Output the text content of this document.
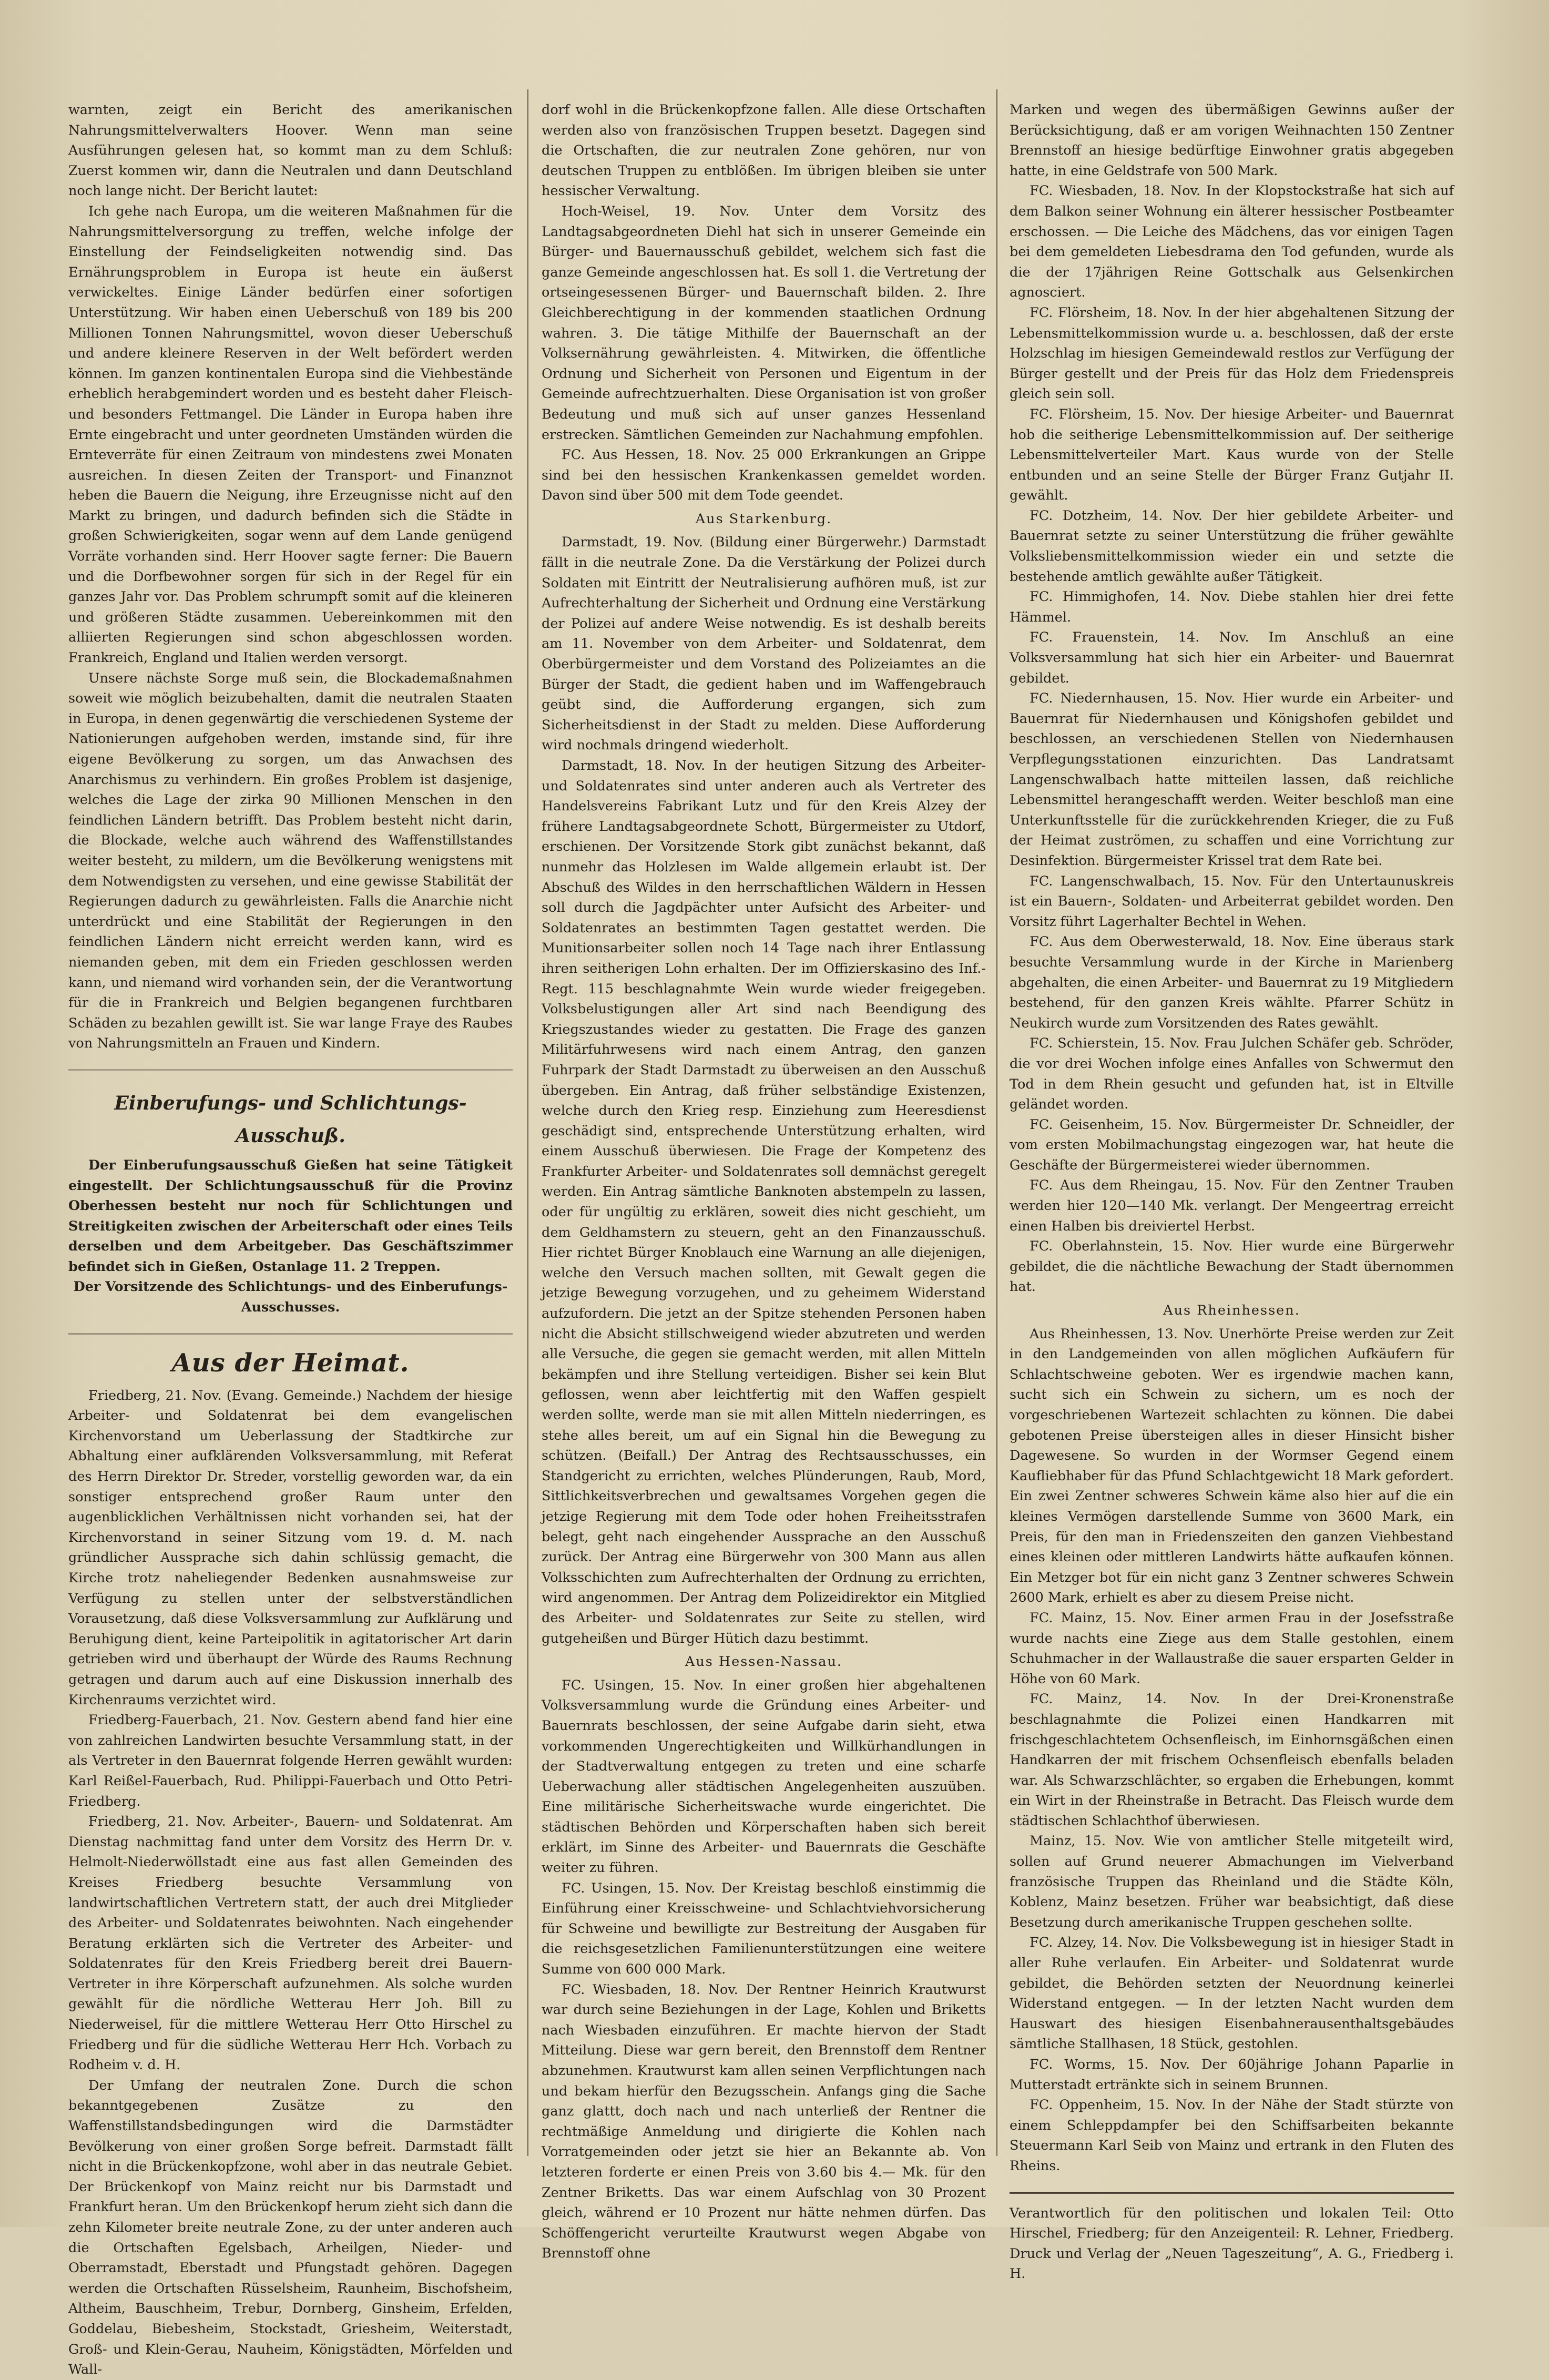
warnten, zeigt ein Bericht des amerikanischen Nahrungsmittelverwalters Hoover. Wenn man seine Ausführungen gelesen hat, so kommt man zu dem Schluß: Zuerst kommen wir, dann die Neutralen und dann Deutschland noch lange nicht. Der Bericht lautet:

Ich gehe nach Europa, um die weiteren Maßnahmen für die Nahrungsmittelversorgung zu treffen, welche infolge der Einstellung der Feindseligkeiten notwendig sind. Das Ernährungsproblem in Europa ist heute ein äußerst verwickeltes. Einige Länder bedürfen einer sofortigen Unterstützung. Wir haben einen Ueberschuß von 189 bis 200 Millionen Tonnen Nahrungsmittel, wovon dieser Ueberschuß und andere kleinere Reserven in der Welt befördert werden können. Im ganzen kontinentalen Europa sind die Viehbestände erheblich herabgemindert worden und es besteht daher Fleisch- und besonders Fettmangel. Die Länder in Europa haben ihre Ernte eingebracht und unter geordneten Umständen würden die Ernteverräte für einen Zeitraum von mindestens zwei Monaten ausreichen. In diesen Zeiten der Transport- und Finanznot heben die Bauern die Neigung, ihre Erzeugnisse nicht auf den Markt zu bringen, und dadurch befinden sich die Städte in großen Schwierigkeiten, sogar wenn auf dem Lande genügend Vorräte vorhanden sind. Herr Hoover sagte ferner: Die Bauern und die Dorfbewohner sorgen für sich in der Regel für ein ganzes Jahr vor. Das Problem schrumpft somit auf die kleineren und größeren Städte zusammen. Uebereinkommen mit den alliierten Regierungen sind schon abgeschlossen worden. Frankreich, England und Italien werden versorgt.

Unsere nächste Sorge muß sein, die Blockademaßnahmen soweit wie möglich beizubehalten, damit die neutralen Staaten in Europa, in denen gegenwärtig die verschiedenen Systeme der Nationierungen aufgehoben werden, imstande sind, für ihre eigene Bevölkerung zu sorgen, um das Anwachsen des Anarchismus zu verhindern. Ein großes Problem ist dasjenige, welches die Lage der zirka 90 Millionen Menschen in den feindlichen Ländern betrifft. Das Problem besteht nicht darin, die Blockade, welche auch während des Waffenstillstandes weiter besteht, zu mildern, um die Bevölkerung wenigstens mit dem Notwendigsten zu versehen, und eine gewisse Stabilität der Regierungen dadurch zu gewährleisten. Falls die Anarchie nicht unterdrückt und eine Stabilität der Regierungen in den feindlichen Ländern nicht erreicht werden kann, wird es niemanden geben, mit dem ein Frieden geschlossen werden kann, und niemand wird vorhanden sein, der die Verantwortung für die in Frankreich und Belgien begangenen furchtbaren Schäden zu bezahlen gewillt ist. Sie war lange Fraye des Raubes von Nahrungsmitteln an Frauen und Kindern.

Einberufungs- und Schlichtungs-Ausschuß.

Der Einberufungsausschuß Gießen hat seine Tätigkeit eingestellt. Der Schlichtungsausschuß für die Provinz Oberhessen besteht nur noch für Schlichtungen und Streitigkeiten zwischen der Arbeiterschaft oder eines Teils derselben und dem Arbeitgeber. Das Geschäftszimmer befindet sich in Gießen, Ostanlage 11. 2 Treppen.

Der Vorsitzende des Schlichtungs- und des Einberufungs-Ausschusses.

Aus der Heimat.

Friedberg, 21. Nov. (Evang. Gemeinde.) Nachdem der hiesige Arbeiter- und Soldatenrat bei dem evangelischen Kirchenvorstand um Ueberlassung der Stadtkirche zur Abhaltung einer aufklärenden Volksversammlung, mit Referat des Herrn Direktor Dr. Streder, vorstellig geworden war, da ein sonstiger entsprechend großer Raum unter den augenblicklichen Verhältnissen nicht vorhanden sei, hat der Kirchenvorstand in seiner Sitzung vom 19. d. M. nach gründlicher Aussprache sich dahin schlüssig gemacht, die Kirche trotz naheliegender Bedenken ausnahmsweise zur Verfügung zu stellen unter der selbstverständlichen Vorausetzung, daß diese Volksversammlung zur Aufklärung und Beruhigung dient, keine Parteipolitik in agitatorischer Art darin getrieben wird und überhaupt der Würde des Raums Rechnung getragen und darum auch auf eine Diskussion innerhalb des Kirchenraums verzichtet wird.

Friedberg-Fauerbach, 21. Nov. Gestern abend fand hier eine von zahlreichen Landwirten besuchte Versammlung statt, in der als Vertreter in den Bauernrat folgende Herren gewählt wurden: Karl Reißel-Fauerbach, Rud. Philippi-Fauerbach und Otto Petri-Friedberg.

Friedberg, 21. Nov. Arbeiter-, Bauern- und Soldatenrat. Am Dienstag nachmittag fand unter dem Vorsitz des Herrn Dr. v. Helmolt-Niederwöllstadt eine aus fast allen Gemeinden des Kreises Friedberg besuchte Versammlung von landwirtschaftlichen Vertretern statt, der auch drei Mitglieder des Arbeiter- und Soldatenrates beiwohnten. Nach eingehender Beratung erklärten sich die Vertreter des Arbeiter- und Soldatenrates für den Kreis Friedberg bereit drei Bauern-Vertreter in ihre Körperschaft aufzunehmen. Als solche wurden gewählt für die nördliche Wetterau Herr Joh. Bill zu Niederweisel, für die mittlere Wetterau Herr Otto Hirschel zu Friedberg und für die südliche Wetterau Herr Hch. Vorbach zu Rodheim v. d. H.

Der Umfang der neutralen Zone. Durch die schon bekanntgegebenen Zusätze zu den Waffenstillstandsbedingungen wird die Darmstädter Bevölkerung von einer großen Sorge befreit. Darmstadt fällt nicht in die Brückenkopfzone, wohl aber in das neutrale Gebiet. Der Brückenkopf von Mainz reicht nur bis Darmstadt und Frankfurt heran. Um den Brückenkopf herum zieht sich dann die zehn Kilometer breite neutrale Zone, zu der unter anderen auch die Ortschaften Egelsbach, Arheilgen, Nieder- und Oberramstadt, Eberstadt und Pfungstadt gehören. Dagegen werden die Ortschaften Rüsselsheim, Raunheim, Bischofsheim, Altheim, Bauschheim, Trebur, Dornberg, Ginsheim, Erfelden, Goddelau, Biebesheim, Stockstadt, Griesheim, Weiterstadt, Groß- und Klein-Gerau, Nauheim, Königstädten, Mörfelden und Wall-

dorf wohl in die Brückenkopfzone fallen. Alle diese Ortschaften werden also von französischen Truppen besetzt. Dagegen sind die Ortschaften, die zur neutralen Zone gehören, nur von deutschen Truppen zu entblößen. Im übrigen bleiben sie unter hessischer Verwaltung.

Hoch-Weisel, 19. Nov. Unter dem Vorsitz des Landtagsabgeordneten Diehl hat sich in unserer Gemeinde ein Bürger- und Bauernausschuß gebildet, welchem sich fast die ganze Gemeinde angeschlossen hat. Es soll 1. die Vertretung der ortseingesessenen Bürger- und Bauernschaft bilden. 2. Ihre Gleichberechtigung in der kommenden staatlichen Ordnung wahren. 3. Die tätige Mithilfe der Bauernschaft an der Volksernährung gewährleisten. 4. Mitwirken, die öffentliche Ordnung und Sicherheit von Personen und Eigentum in der Gemeinde aufrechtzuerhalten. Diese Organisation ist von großer Bedeutung und muß sich auf unser ganzes Hessenland erstrecken. Sämtlichen Gemeinden zur Nachahmung empfohlen.

FC. Aus Hessen, 18. Nov. 25 000 Erkrankungen an Grippe sind bei den hessischen Krankenkassen gemeldet worden. Davon sind über 500 mit dem Tode geendet.

Aus Starkenburg.

Darmstadt, 19. Nov. (Bildung einer Bürgerwehr.) Darmstadt fällt in die neutrale Zone. Da die Verstärkung der Polizei durch Soldaten mit Eintritt der Neutralisierung aufhören muß, ist zur Aufrechterhaltung der Sicherheit und Ordnung eine Verstärkung der Polizei auf andere Weise notwendig. Es ist deshalb bereits am 11. November von dem Arbeiter- und Soldatenrat, dem Oberbürgermeister und dem Vorstand des Polizeiamtes an die Bürger der Stadt, die gedient haben und im Waffengebrauch geübt sind, die Aufforderung ergangen, sich zum Sicherheitsdienst in der Stadt zu melden. Diese Aufforderung wird nochmals dringend wiederholt.

Darmstadt, 18. Nov. In der heutigen Sitzung des Arbeiter- und Soldatenrates sind unter anderen auch als Vertreter des Handelsvereins Fabrikant Lutz und für den Kreis Alzey der frühere Landtagsabgeordnete Schott, Bürgermeister zu Utdorf, erschienen. Der Vorsitzende Stork gibt zunächst bekannt, daß nunmehr das Holzlesen im Walde allgemein erlaubt ist. Der Abschuß des Wildes in den herrschaftlichen Wäldern in Hessen soll durch die Jagdpächter unter Aufsicht des Arbeiter- und Soldatenrates an bestimmten Tagen gestattet werden. Die Munitionsarbeiter sollen noch 14 Tage nach ihrer Entlassung ihren seitherigen Lohn erhalten. Der im Offizierskasino des Inf.-Regt. 115 beschlagnahmte Wein wurde wieder freigegeben. Volksbelustigungen aller Art sind nach Beendigung des Kriegszustandes wieder zu gestatten. Die Frage des ganzen Militärfuhrwesens wird nach einem Antrag, den ganzen Fuhrpark der Stadt Darmstadt zu überweisen an den Ausschuß übergeben. Ein Antrag, daß früher selbständige Existenzen, welche durch den Krieg resp. Einziehung zum Heeresdienst geschädigt sind, entsprechende Unterstützung erhalten, wird einem Ausschuß überwiesen. Die Frage der Kompetenz des Frankfurter Arbeiter- und Soldatenrates soll demnächst geregelt werden. Ein Antrag sämtliche Banknoten abstempeln zu lassen, oder für ungültig zu erklären, soweit dies nicht geschieht, um dem Geldhamstern zu steuern, geht an den Finanzausschuß. Hier richtet Bürger Knoblauch eine Warnung an alle diejenigen, welche den Versuch machen sollten, mit Gewalt gegen die jetzige Bewegung vorzugehen, und zu geheimem Widerstand aufzufordern. Die jetzt an der Spitze stehenden Personen haben nicht die Absicht stillschweigend wieder abzutreten und werden alle Versuche, die gegen sie gemacht werden, mit allen Mitteln bekämpfen und ihre Stellung verteidigen. Bisher sei kein Blut geflossen, wenn aber leichtfertig mit den Waffen gespielt werden sollte, werde man sie mit allen Mitteln niederringen, es stehe alles bereit, um auf ein Signal hin die Bewegung zu schützen. (Beifall.) Der Antrag des Rechtsausschusses, ein Standgericht zu errichten, welches Plünderungen, Raub, Mord, Sittlichkeitsverbrechen und gewaltsames Vorgehen gegen die jetzige Regierung mit dem Tode oder hohen Freiheitsstrafen belegt, geht nach eingehender Aussprache an den Ausschuß zurück. Der Antrag eine Bürgerwehr von 300 Mann aus allen Volksschichten zum Aufrechterhalten der Ordnung zu errichten, wird angenommen. Der Antrag dem Polizeidirektor ein Mitglied des Arbeiter- und Soldatenrates zur Seite zu stellen, wird gutgeheißen und Bürger Hütich dazu bestimmt.

Aus Hessen-Nassau.

FC. Usingen, 15. Nov. In einer großen hier abgehaltenen Volksversammlung wurde die Gründung eines Arbeiter- und Bauernrats beschlossen, der seine Aufgabe darin sieht, etwa vorkommenden Ungerechtigkeiten und Willkürhandlungen in der Stadtverwaltung entgegen zu treten und eine scharfe Ueberwachung aller städtischen Angelegenheiten auszuüben. Eine militärische Sicherheitswache wurde eingerichtet. Die städtischen Behörden und Körperschaften haben sich bereit erklärt, im Sinne des Arbeiter- und Bauernrats die Geschäfte weiter zu führen.

FC. Usingen, 15. Nov. Der Kreistag beschloß einstimmig die Einführung einer Kreisschweine- und Schlachtviehvorsicherung für Schweine und bewilligte zur Bestreitung der Ausgaben für die reichsgesetzlichen Familienunterstützungen eine weitere Summe von 600 000 Mark.

FC. Wiesbaden, 18. Nov. Der Rentner Heinrich Krautwurst war durch seine Beziehungen in der Lage, Kohlen und Briketts nach Wiesbaden einzuführen. Er machte hiervon der Stadt Mitteilung. Diese war gern bereit, den Brennstoff dem Rentner abzunehmen. Krautwurst kam allen seinen Verpflichtungen nach und bekam hierfür den Bezugsschein. Anfangs ging die Sache ganz glattt, doch nach und nach unterließ der Rentner die rechtmäßige Anmeldung und dirigierte die Kohlen nach Vorratgemeinden oder jetzt sie hier an Bekannte ab. Von letzteren forderte er einen Preis von 3.60 bis 4.— Mk. für den Zentner Briketts. Das war einem Aufschlag von 30 Prozent gleich, während er 10 Prozent nur hätte nehmen dürfen. Das Schöffengericht verurteilte Krautwurst wegen Abgabe von Brennstoff ohne

Marken und wegen des übermäßigen Gewinns außer der Berücksichtigung, daß er am vorigen Weihnachten 150 Zentner Brennstoff an hiesige bedürftige Einwohner gratis abgegeben hatte, in eine Geldstrafe von 500 Mark.

FC. Wiesbaden, 18. Nov. In der Klopstockstraße hat sich auf dem Balkon seiner Wohnung ein älterer hessischer Postbeamter erschossen. — Die Leiche des Mädchens, das vor einigen Tagen bei dem gemeldeten Liebesdrama den Tod gefunden, wurde als die der 17jährigen Reine Gottschalk aus Gelsenkirchen agnosciert.

FC. Flörsheim, 18. Nov. In der hier abgehaltenen Sitzung der Lebensmittelkommission wurde u. a. beschlossen, daß der erste Holzschlag im hiesigen Gemeindewald restlos zur Verfügung der Bürger gestellt und der Preis für das Holz dem Friedenspreis gleich sein soll.

FC. Flörsheim, 15. Nov. Der hiesige Arbeiter- und Bauernrat hob die seitherige Lebensmittelkommission auf. Der seitherige Lebensmittelverteiler Mart. Kaus wurde von der Stelle entbunden und an seine Stelle der Bürger Franz Gutjahr II. gewählt.

FC. Dotzheim, 14. Nov. Der hier gebildete Arbeiter- und Bauernrat setzte zu seiner Unterstützung die früher gewählte Volksliebensmittelkommission wieder ein und setzte die bestehende amtlich gewählte außer Tätigkeit.

FC. Himmighofen, 14. Nov. Diebe stahlen hier drei fette Hämmel.

FC. Frauenstein, 14. Nov. Im Anschluß an eine Volksversammlung hat sich hier ein Arbeiter- und Bauernrat gebildet.

FC. Niedernhausen, 15. Nov. Hier wurde ein Arbeiter- und Bauernrat für Niedernhausen und Königshofen gebildet und beschlossen, an verschiedenen Stellen von Niedernhausen Verpflegungsstationen einzurichten. Das Landratsamt Langenschwalbach hatte mitteilen lassen, daß reichliche Lebensmittel herangeschafft werden. Weiter beschloß man eine Unterkunftsstelle für die zurückkehrenden Krieger, die zu Fuß der Heimat zuströmen, zu schaffen und eine Vorrichtung zur Desinfektion. Bürgermeister Krissel trat dem Rate bei.

FC. Langenschwalbach, 15. Nov. Für den Untertaunuskreis ist ein Bauern-, Soldaten- und Arbeiterrat gebildet worden. Den Vorsitz führt Lagerhalter Bechtel in Wehen.

FC. Aus dem Oberwesterwald, 18. Nov. Eine überaus stark besuchte Versammlung wurde in der Kirche in Marienberg abgehalten, die einen Arbeiter- und Bauernrat zu 19 Mitgliedern bestehend, für den ganzen Kreis wählte. Pfarrer Schütz in Neukirch wurde zum Vorsitzenden des Rates gewählt.

FC. Schierstein, 15. Nov. Frau Julchen Schäfer geb. Schröder, die vor drei Wochen infolge eines Anfalles von Schwermut den Tod in dem Rhein gesucht und gefunden hat, ist in Eltville geländet worden.

FC. Geisenheim, 15. Nov. Bürgermeister Dr. Schneidler, der vom ersten Mobilmachungstag eingezogen war, hat heute die Geschäfte der Bürgermeisterei wieder übernommen.

FC. Aus dem Rheingau, 15. Nov. Für den Zentner Trauben werden hier 120—140 Mk. verlangt. Der Mengeertrag erreicht einen Halben bis dreiviertel Herbst.

FC. Oberlahnstein, 15. Nov. Hier wurde eine Bürgerwehr gebildet, die die nächtliche Bewachung der Stadt übernommen hat.

Aus Rheinhessen.

Aus Rheinhessen, 13. Nov. Unerhörte Preise werden zur Zeit in den Landgemeinden von allen möglichen Aufkäufern für Schlachtschweine geboten. Wer es irgendwie machen kann, sucht sich ein Schwein zu sichern, um es noch der vorgeschriebenen Wartezeit schlachten zu können. Die dabei gebotenen Preise übersteigen alles in dieser Hinsicht bisher Dagewesene. So wurden in der Wormser Gegend einem Kaufliebhaber für das Pfund Schlachtgewicht 18 Mark gefordert. Ein zwei Zentner schweres Schwein käme also hier auf die ein kleines Vermögen darstellende Summe von 3600 Mark, ein Preis, für den man in Friedenszeiten den ganzen Viehbestand eines kleinen oder mittleren Landwirts hätte aufkaufen können. Ein Metzger bot für ein nicht ganz 3 Zentner schweres Schwein 2600 Mark, erhielt es aber zu diesem Preise nicht.

FC. Mainz, 15. Nov. Einer armen Frau in der Josefsstraße wurde nachts eine Ziege aus dem Stalle gestohlen, einem Schuhmacher in der Wallaustraße die sauer ersparten Gelder in Höhe von 60 Mark.

FC. Mainz, 14. Nov. In der Drei-Kronenstraße beschlagnahmte die Polizei einen Handkarren mit frischgeschlachtetem Ochsenfleisch, im Einhornsgäßchen einen Handkarren der mit frischem Ochsenfleisch ebenfalls beladen war. Als Schwarzschlächter, so ergaben die Erhebungen, kommt ein Wirt in der Rheinstraße in Betracht. Das Fleisch wurde dem städtischen Schlachthof überwiesen.

Mainz, 15. Nov. Wie von amtlicher Stelle mitgeteilt wird, sollen auf Grund neuerer Abmachungen im Vielverband französische Truppen das Rheinland und die Städte Köln, Koblenz, Mainz besetzen. Früher war beabsichtigt, daß diese Besetzung durch amerikanische Truppen geschehen sollte.

FC. Alzey, 14. Nov. Die Volksbewegung ist in hiesiger Stadt in aller Ruhe verlaufen. Ein Arbeiter- und Soldatenrat wurde gebildet, die Behörden setzten der Neuordnung keinerlei Widerstand entgegen. — In der letzten Nacht wurden dem Hauswart des hiesigen Eisenbahnerausenthaltsgebäudes sämtliche Stallhasen, 18 Stück, gestohlen.

FC. Worms, 15. Nov. Der 60jährige Johann Paparlie in Mutterstadt ertränkte sich in seinem Brunnen.

FC. Oppenheim, 15. Nov. In der Nähe der Stadt stürzte von einem Schleppdampfer bei den Schiffsarbeiten bekannte Steuermann Karl Seib von Mainz und ertrank in den Fluten des Rheins.

Verantwortlich für den politischen und lokalen Teil: Otto Hirschel, Friedberg; für den Anzeigenteil: R. Lehner, Friedberg. Druck und Verlag der „Neuen Tageszeitung“, A. G., Friedberg i. H.
